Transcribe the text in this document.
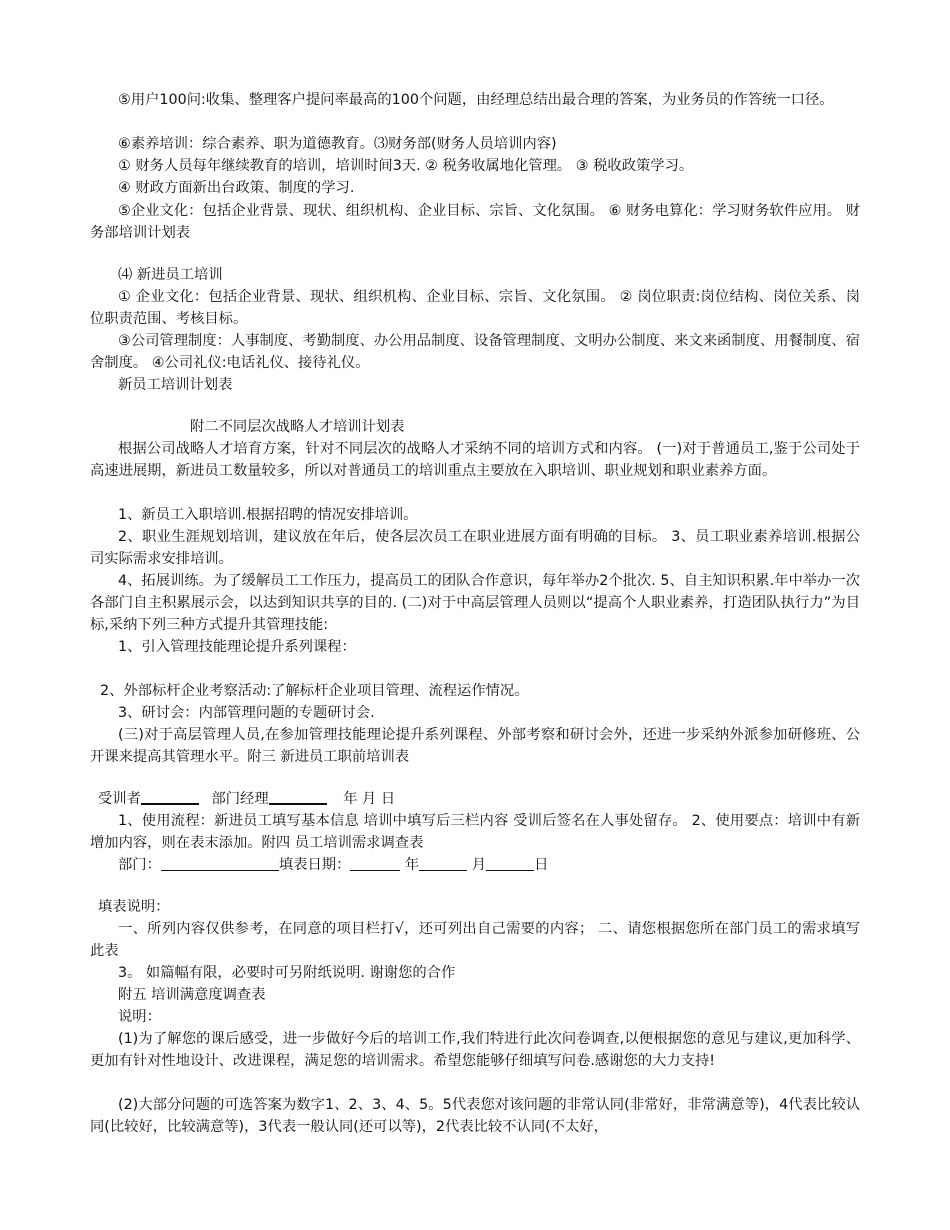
⑤用户100问:收集、整理客户提问率最高的100个问题，由经理总结出最合理的答案，为业务员的作答统一口径。

⑥素养培训：综合素养、职为道德教育。⑶财务部(财务人员培训内容)

① 财务人员每年继续教育的培训，培训时间3天. ② 税务收属地化管理。 ③ 税收政策学习。

④ 财政方面新出台政策、制度的学习.

⑤企业文化：包括企业背景、现状、组织机构、企业目标、宗旨、文化氛围。 ⑥ 财务电算化：学习财务软件应用。 财务部培训计划表

⑷ 新进员工培训

① 企业文化：包括企业背景、现状、组织机构、企业目标、宗旨、文化氛围。 ② 岗位职责:岗位结构、岗位关系、岗位职责范围、考核目标。

③公司管理制度：人事制度、考勤制度、办公用品制度、设备管理制度、文明办公制度、来文来函制度、用餐制度、宿舍制度。 ④公司礼仪:电话礼仪、接待礼仪。

新员工培训计划表

附二不同层次战略人才培训计划表

根据公司战略人才培育方案，针对不同层次的战略人才采纳不同的培训方式和内容。 (一)对于普通员工,鉴于公司处于高速进展期，新进员工数量较多，所以对普通员工的培训重点主要放在入职培训、职业规划和职业素养方面。

1、新员工入职培训.根据招聘的情况安排培训。

2、职业生涯规划培训，建议放在年后，使各层次员工在职业进展方面有明确的目标。 3、员工职业素养培训.根据公司实际需求安排培训。

4、拓展训练。为了缓解员工工作压力，提高员工的团队合作意识，每年举办2个批次. 5、自主知识积累.年中举办一次各部门自主积累展示会，以达到知识共享的目的. (二)对于中高层管理人员则以“提高个人职业素养，打造团队执行力”为目标,采纳下列三种方式提升其管理技能:

1、引入管理技能理论提升系列课程：

2、外部标杆企业考察活动:了解标杆企业项目管理、流程运作情况。

3、研讨会：内部管理问题的专题研讨会.

(三)对于高层管理人员,在参加管理技能理论提升系列课程、外部考察和研讨会外，还进一步采纳外派参加研修班、公开课来提高其管理水平。附三 新进员工职前培训表

受训者	部门经理	年 月 日

1、使用流程：新进员工填写基本信息 培训中填写后三栏内容 受训后签名在人事处留存。 2、使用要点：培训中有新增加内容，则在表末添加。附四 员工培训需求调查表

部门：	填表日期：	年	月	日

填表说明：

一、所列内容仅供参考，在同意的项目栏打√，还可列出自己需要的内容； 二、请您根据您所在部门员工的需求填写此表

3。 如篇幅有限，必要时可另附纸说明. 谢谢您的合作

附五 培训满意度调查表

说明：

(1)为了解您的课后感受，进一步做好今后的培训工作,我们特进行此次问卷调查,以便根据您的意见与建议,更加科学、更加有针对性地设计、改进课程，满足您的培训需求。希望您能够仔细填写问卷.感谢您的大力支持!

(2)大部分问题的可选答案为数字1、2、3、4、5。5代表您对该问题的非常认同(非常好，非常满意等)，4代表比较认同(比较好，比较满意等)，3代表一般认同(还可以等)，2代表比较不认同(不太好，
